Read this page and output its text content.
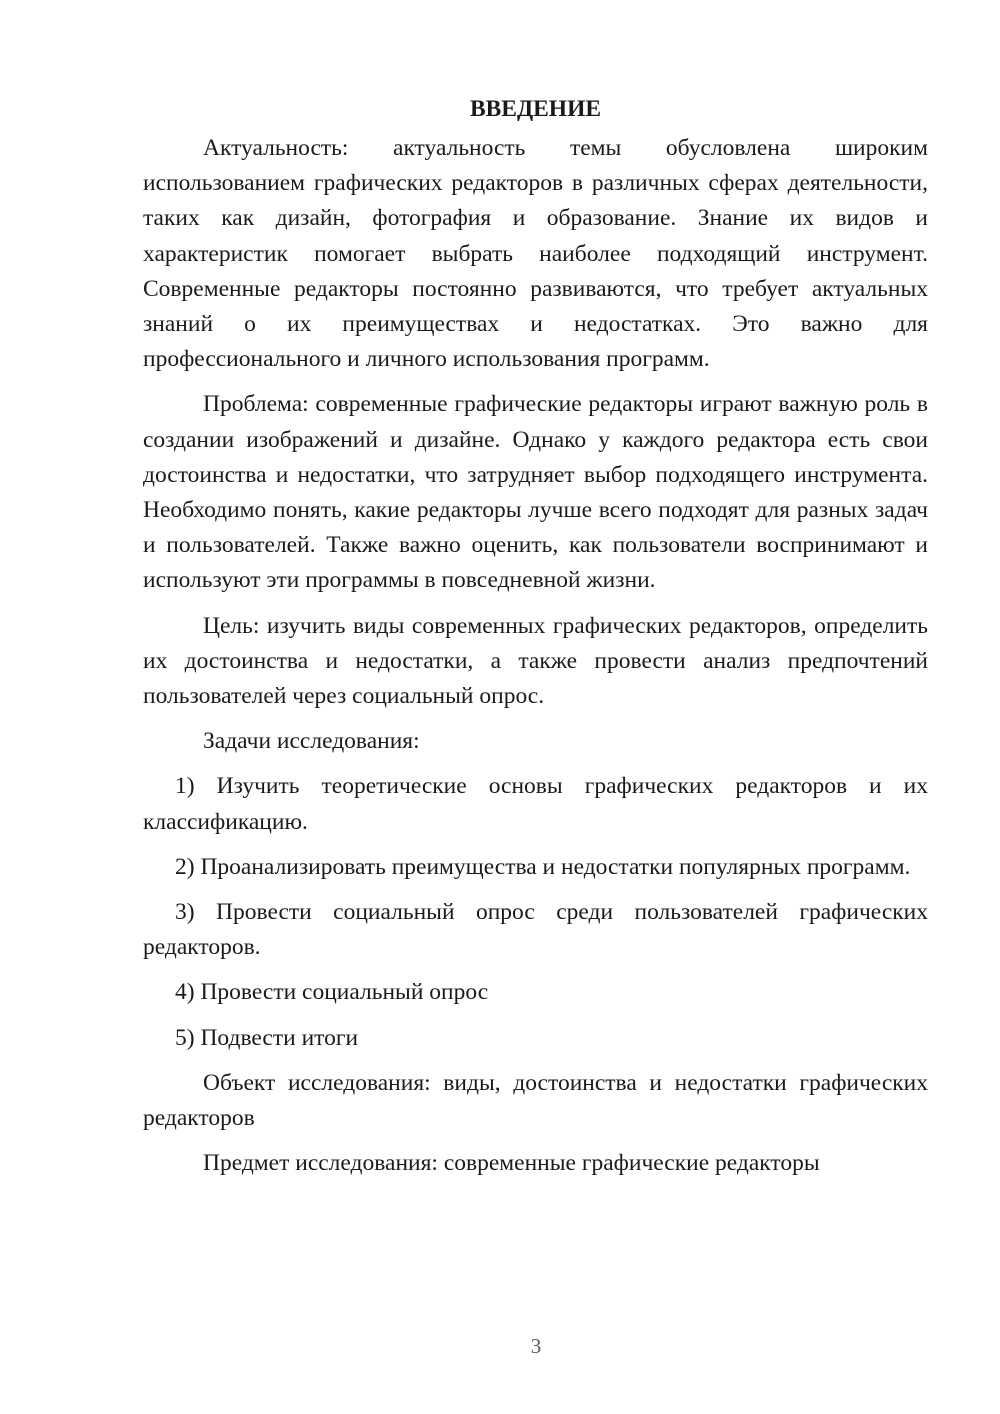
ВВЕДЕНИЕ

Актуальность: актуальность темы обусловлена широким использованием графических редакторов в различных сферах деятельности, таких как дизайн, фотография и образование. Знание их видов и характеристик помогает выбрать наиболее подходящий инструмент. Современные редакторы постоянно развиваются, что требует актуальных знаний о их преимуществах и недостатках. Это важно для профессионального и личного использования программ.

Проблема: современные графические редакторы играют важную роль в создании изображений и дизайне. Однако у каждого редактора есть свои достоинства и недостатки, что затрудняет выбор подходящего инструмента. Необходимо понять, какие редакторы лучше всего подходят для разных задач и пользователей. Также важно оценить, как пользователи воспринимают и используют эти программы в повседневной жизни.

Цель: изучить виды современных графических редакторов, определить их достоинства и недостатки, а также провести анализ предпочтений пользователей через социальный опрос.

Задачи исследования:

1) Изучить теоретические основы графических редакторов и их классификацию.

2) Проанализировать преимущества и недостатки популярных программ.

3) Провести социальный опрос среди пользователей графических редакторов.

4) Провести социальный опрос

5) Подвести итоги

Объект исследования: виды, достоинства и недостатки графических редакторов

Предмет исследования: современные графические редакторы

3
